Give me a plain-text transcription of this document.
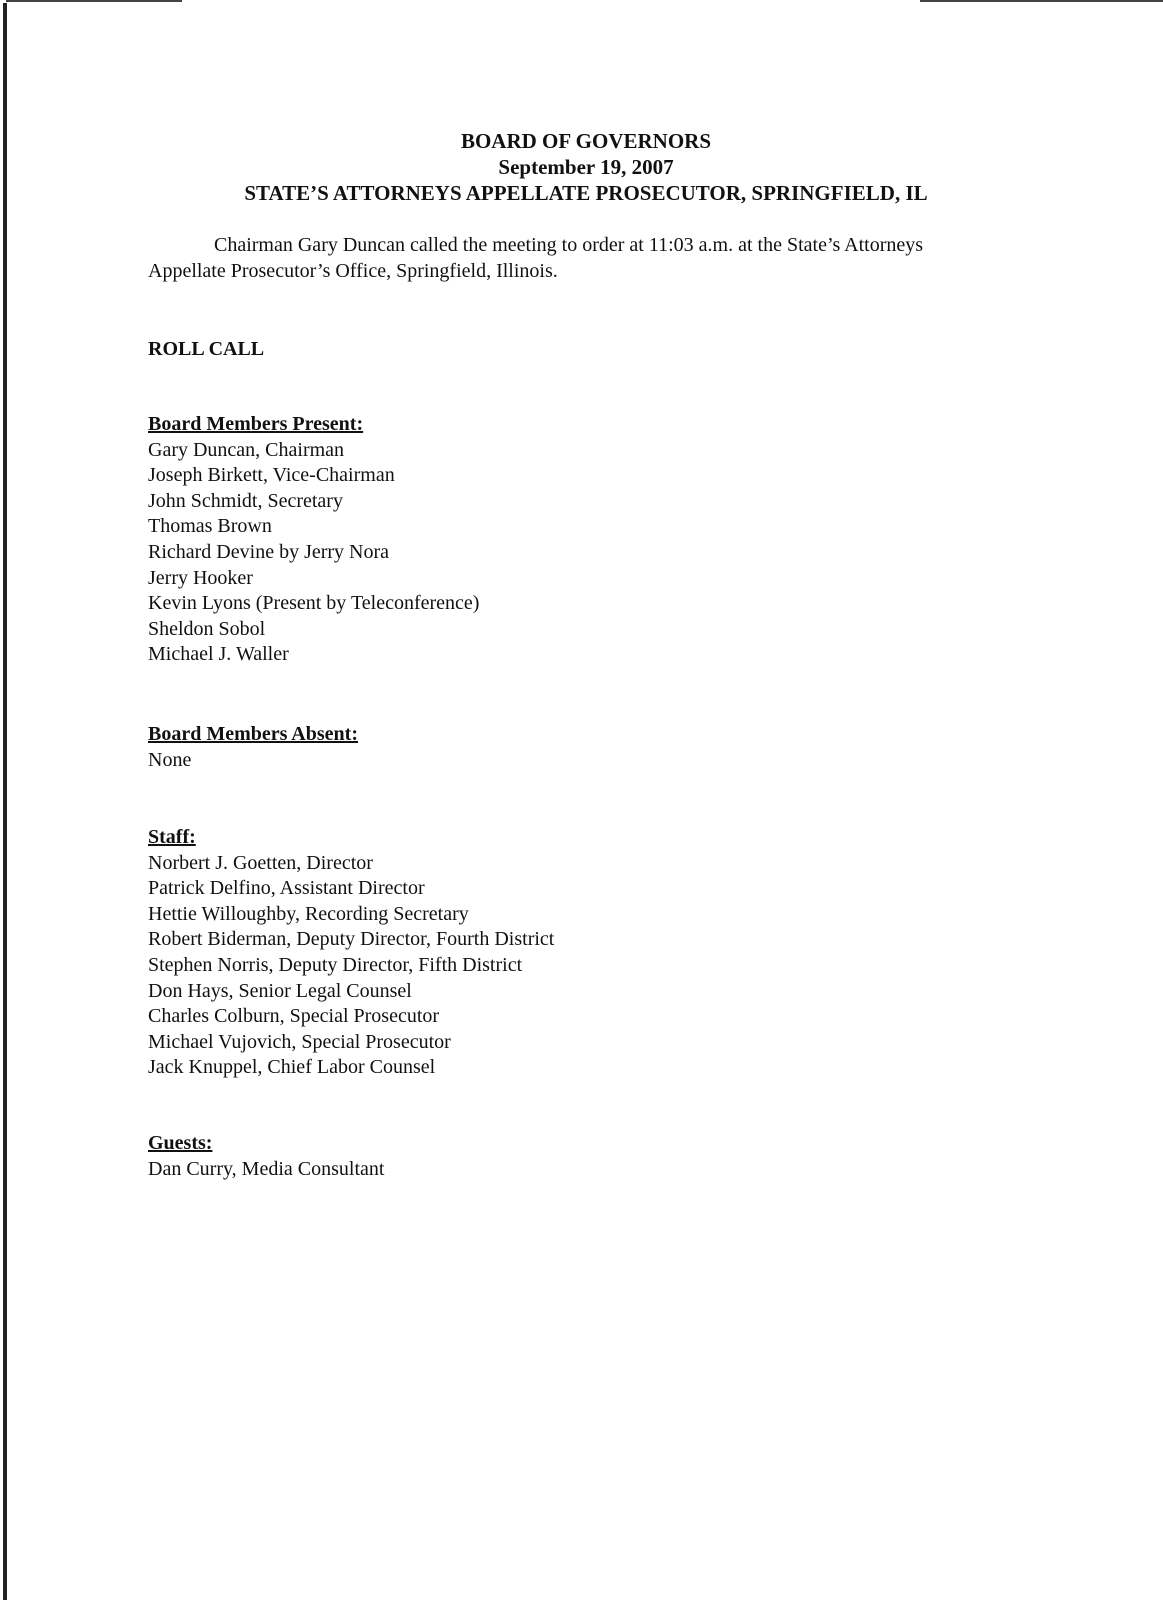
BOARD OF GOVERNORS
September 19, 2007
STATE’S ATTORNEYS APPELLATE PROSECUTOR, SPRINGFIELD, IL
Chairman Gary Duncan called the meeting to order at 11:03 a.m. at the State’s Attorneys
Appellate Prosecutor’s Office, Springfield, Illinois.
ROLL CALL
Board Members Present:
Gary Duncan, Chairman
Joseph Birkett, Vice-Chairman
John Schmidt, Secretary
Thomas Brown
Richard Devine by Jerry Nora
Jerry Hooker
Kevin Lyons (Present by Teleconference)
Sheldon Sobol
Michael J. Waller
Board Members Absent:
None
Staff:
Norbert J. Goetten, Director
Patrick Delfino, Assistant Director
Hettie Willoughby, Recording Secretary
Robert Biderman, Deputy Director, Fourth District
Stephen Norris, Deputy Director, Fifth District
Don Hays, Senior Legal Counsel
Charles Colburn, Special Prosecutor
Michael Vujovich, Special Prosecutor
Jack Knuppel, Chief Labor Counsel
Guests:
Dan Curry, Media Consultant
